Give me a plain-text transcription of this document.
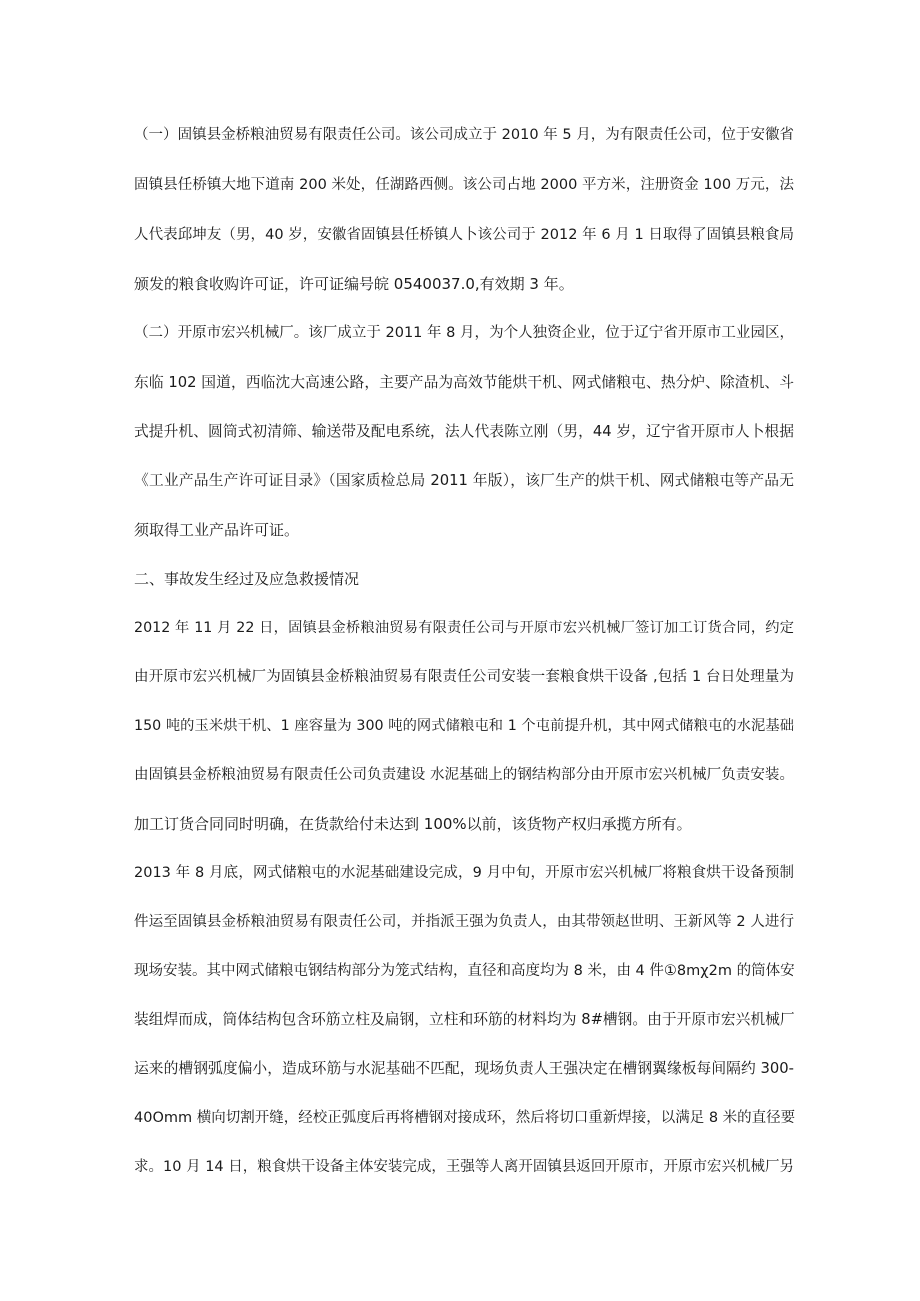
（一）固镇县金桥粮油贸易有限责任公司。该公司成立于 2010 年 5 月，为有限责任公司，位于安徽省
固镇县任桥镇大地下道南 200 米处，任湖路西侧。该公司占地 2000 平方米，注册资金 100 万元，法
人代表邱坤友（男，40 岁，安徽省固镇县任桥镇人卜该公司于 2012 年 6 月 1 日取得了固镇县粮食局
颁发的粮食收购许可证，许可证编号皖 0540037.0,有效期 3 年。
（二）开原市宏兴机械厂。该厂成立于 2011 年 8 月，为个人独资企业，位于辽宁省开原市工业园区，
东临 102 国道，西临沈大高速公路，主要产品为高效节能烘干机、网式储粮屯、热分炉、除渣机、斗
式提升机、圆筒式初清筛、输送带及配电系统，法人代表陈立刚（男，44 岁，辽宁省开原市人卜根据
《工业产品生产许可证目录》（国家质检总局 2011 年版），该厂生产的烘干机、网式储粮屯等产品无
须取得工业产品许可证。
二、事故发生经过及应急救援情况
2012 年 11 月 22 日，固镇县金桥粮油贸易有限责任公司与开原市宏兴机械厂签订加工订货合同，约定
由开原市宏兴机械厂为固镇县金桥粮油贸易有限责任公司安装一套粮食烘干设备 ,包括 1 台日处理量为
150 吨的玉米烘干机、1 座容量为 300 吨的网式储粮屯和 1 个屯前提升机，其中网式储粮屯的水泥基础
由固镇县金桥粮油贸易有限责任公司负责建设 水泥基础上的钢结构部分由开原市宏兴机械厂负责安装。
加工订货合同同时明确，在货款给付未达到 100%以前，该货物产权归承揽方所有。
2013 年 8 月底，网式储粮屯的水泥基础建设完成，9 月中旬，开原市宏兴机械厂将粮食烘干设备预制
件运至固镇县金桥粮油贸易有限责任公司，并指派王强为负责人，由其带领赵世明、王新风等 2 人进行
现场安装。其中网式储粮屯钢结构部分为笼式结构，直径和高度均为 8 米，由 4 件①8mχ2m 的筒体安
装组焊而成，筒体结构包含环筋立柱及扁钢，立柱和环筋的材料均为 8#槽钢。由于开原市宏兴机械厂
运来的槽钢弧度偏小，造成环筋与水泥基础不匹配，现场负责人王强决定在槽钢翼缘板每间隔约 300-
40Omm 横向切割开缝，经校正弧度后再将槽钢对接成环，然后将切口重新焊接，以满足 8 米的直径要
求。10 月 14 日，粮食烘干设备主体安装完成，王强等人离开固镇县返回开原市，开原市宏兴机械厂另
